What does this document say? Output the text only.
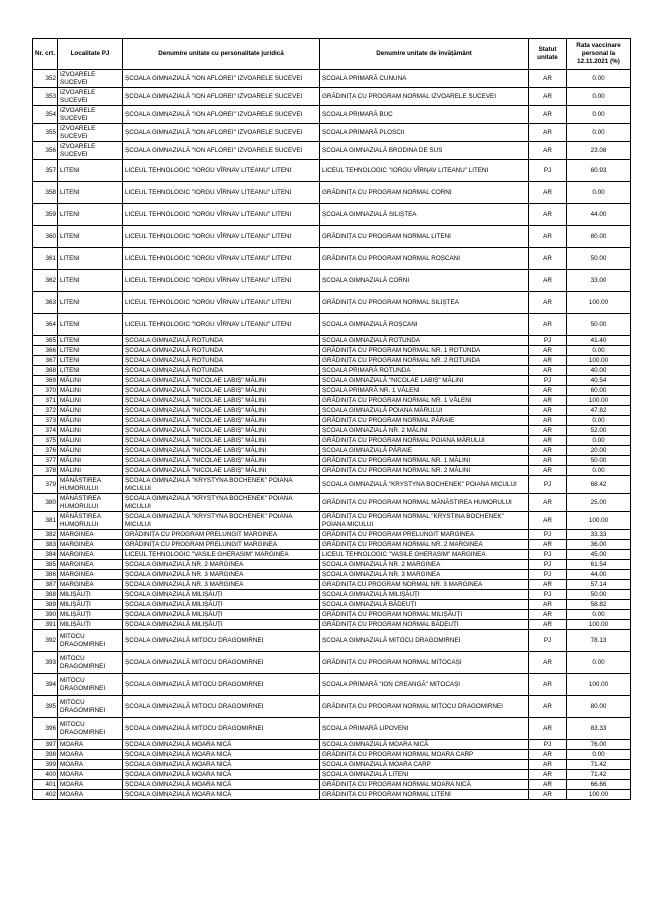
Nr. crt.	Localitate PJ	Denumire unitate cu personalitate juridică	Denumire unitate de învățământ	Statut unitate	Rata vaccinare personal la 12.11.2021 (%)
352	IZVOARELE SUCEVEI	ȘCOALA GIMNAZIALĂ "ION AFLOREI" IZVOARELE SUCEVEI	ȘCOALA PRIMARĂ CUNUNA	AR	0.00
353	IZVOARELE SUCEVEI	ȘCOALA GIMNAZIALĂ "ION AFLOREI" IZVOARELE SUCEVEI	GRĂDINIȚA CU PROGRAM NORMAL IZVOARELE SUCEVEI	AR	0.00
354	IZVOARELE SUCEVEI	ȘCOALA GIMNAZIALĂ "ION AFLOREI" IZVOARELE SUCEVEI	ȘCOALA PRIMARĂ BUC	AR	0.00
355	IZVOARELE SUCEVEI	ȘCOALA GIMNAZIALĂ "ION AFLOREI" IZVOARELE SUCEVEI	ȘCOALA PRIMARĂ PLOSCII	AR	0.00
356	IZVOARELE SUCEVEI	ȘCOALA GIMNAZIALĂ "ION AFLOREI" IZVOARELE SUCEVEI	ȘCOALA GIMNAZIALĂ BRODINA DE SUS	AR	23.08
357	LITENI	LICEUL TEHNOLOGIC "IORGU VÎRNAV LITEANU" LITENI	LICEUL TEHNOLOGIC "IORGU VÎRNAV LITEANU" LITENI	PJ	60.93
358	LITENI	LICEUL TEHNOLOGIC "IORGU VÎRNAV LITEANU" LITENI	GRĂDINIȚA CU PROGRAM NORMAL CORNI	AR	0.00
359	LITENI	LICEUL TEHNOLOGIC "IORGU VÎRNAV LITEANU" LITENI	ȘCOALA GIMNAZIALĂ SILIȘTEA	AR	44.00
360	LITENI	LICEUL TEHNOLOGIC "IORGU VÎRNAV LITEANU" LITENI	GRĂDINIȚA CU PROGRAM NORMAL LITENI	AR	80.00
361	LITENI	LICEUL TEHNOLOGIC "IORGU VÎRNAV LITEANU" LITENI	GRĂDINIȚA CU PROGRAM NORMAL ROȘCANI	AR	50.00
362	LITENI	LICEUL TEHNOLOGIC "IORGU VÎRNAV LITEANU" LITENI	ȘCOALA GIMNAZIALĂ CORNI	AR	33.00
363	LITENI	LICEUL TEHNOLOGIC "IORGU VÎRNAV LITEANU" LITENI	GRĂDINIȚA CU PROGRAM NORMAL SILIȘTEA	AR	100.00
364	LITENI	LICEUL TEHNOLOGIC "IORGU VÎRNAV LITEANU" LITENI	ȘCOALA GIMNAZIALĂ ROȘCANI	AR	50.00
365	LITENI	ȘCOALA GIMNAZIALĂ ROTUNDA	ȘCOALA GIMNAZIALĂ ROTUNDA	PJ	41.40
366	LITENI	ȘCOALA GIMNAZIALĂ ROTUNDA	GRĂDINIȚA CU PROGRAM NORMAL NR. 1 ROTUNDA	AR	0.00
367	LITENI	ȘCOALA GIMNAZIALĂ ROTUNDA	GRĂDINIȚA CU PROGRAM NORMAL NR. 2 ROTUNDA	AR	100.00
368	LITENI	ȘCOALA GIMNAZIALĂ ROTUNDA	ȘCOALA PRIMARĂ ROTUNDA	AR	40.00
369	MĂLINI	ȘCOALA GIMNAZIALĂ "NICOLAE LABIȘ" MĂLINI	ȘCOALA GIMNAZIALĂ "NICOLAE LABIȘ" MĂLINI	PJ	40.54
370	MĂLINI	ȘCOALA GIMNAZIALĂ "NICOLAE LABIȘ" MĂLINI	ȘCOALA PRIMARĂ NR. 1 VĂLENI	AR	60.00
371	MĂLINI	ȘCOALA GIMNAZIALĂ "NICOLAE LABIȘ" MĂLINI	GRĂDINIȚA CU PROGRAM NORMAL NR. 1 VĂLENI	AR	100.00
372	MĂLINI	ȘCOALA GIMNAZIALĂ "NICOLAE LABIȘ" MĂLINI	ȘCOALA GIMNAZIALĂ POIANA MĂRULUI	AR	47.82
373	MĂLINI	ȘCOALA GIMNAZIALĂ "NICOLAE LABIȘ" MĂLINI	GRĂDINIȚA CU PROGRAM NORMAL PĂRAIE	AR	0.00
374	MĂLINI	ȘCOALA GIMNAZIALĂ "NICOLAE LABIȘ" MĂLINI	ȘCOALA GIMNAZIALĂ NR. 2 MĂLINI	AR	52.00
375	MĂLINI	ȘCOALA GIMNAZIALĂ "NICOLAE LABIȘ" MĂLINI	GRĂDINIȚA CU PROGRAM NORMAL POIANA MĂRULUI	AR	0.00
376	MĂLINI	ȘCOALA GIMNAZIALĂ "NICOLAE LABIȘ" MĂLINI	ȘCOALA GIMNAZIALĂ PĂRAIE	AR	20.00
377	MĂLINI	ȘCOALA GIMNAZIALĂ "NICOLAE LABIȘ" MĂLINI	GRĂDINIȚA CU PROGRAM NORMAL NR. 1 MĂLINI	AR	50.00
378	MĂLINI	ȘCOALA GIMNAZIALĂ "NICOLAE LABIȘ" MĂLINI	GRĂDINIȚA CU PROGRAM NORMAL NR. 2 MĂLINI	AR	0.00
379	MĂNĂSTIREA HUMORULUI	ȘCOALA GIMNAZIALĂ "KRYSTYNA BOCHENEK" POIANA MICULUI	ȘCOALA GIMNAZIALĂ "KRYSTYNA BOCHENEK" POIANA MICULUI	PJ	68.42
380	MĂNĂSTIREA HUMORULUI	ȘCOALA GIMNAZIALĂ "KRYSTYNA BOCHENEK" POIANA MICULUI	GRĂDINIȚA CU PROGRAM NORMAL MĂNĂSTIREA HUMORULUI	AR	25.00
381	MĂNĂSTIREA HUMORULUI	ȘCOALA GIMNAZIALĂ "KRYSTYNA BOCHENEK" POIANA MICULUI	GRĂDINIȚA CU PROGRAM NORMAL "KRYSTINA BOCHENEK" POIANA MICULUI	AR	100.00
382	MARGINEA	GRĂDINIȚA CU PROGRAM PRELUNGIT MARGINEA	GRĂDINIȚA CU PROGRAM PRELUNGIT MARGINEA	PJ	33.33
383	MARGINEA	GRĂDINIȚA CU PROGRAM PRELUNGIT MARGINEA	GRĂDINIȚA CU PROGRAM NORMAL NR. 2 MARGINEA	AR	36.00
384	MARGINEA	LICEUL TEHNOLOGIC "VASILE GHERASIM" MARGINEA	LICEUL TEHNOLOGIC "VASILE GHERASIM" MARGINEA	PJ	45.00
385	MARGINEA	ȘCOALA GIMNAZIALĂ NR. 2 MARGINEA	ȘCOALA GIMNAZIALĂ NR. 2 MARGINEA	PJ	61.54
386	MARGINEA	ȘCOALA GIMNAZIALĂ NR. 3 MARGINEA	ȘCOALA GIMNAZIALĂ NR. 3 MARGINEA	PJ	44.00
387	MARGINEA	ȘCOALA GIMNAZIALĂ NR. 3 MARGINEA	GRADINITA CU PROGRAM NORMAL NR. 3 MARGINEA	AR	57.14
388	MILIȘĂUȚI	ȘCOALA GIMNAZIALĂ MILIȘĂUȚI	ȘCOALA GIMNAZIALĂ MILIȘĂUȚI	PJ	50.00
389	MILIȘĂUȚI	ȘCOALA GIMNAZIALĂ MILIȘĂUȚI	ȘCOALA GIMNAZIALĂ BĂDEUȚI	AR	58.82
390	MILIȘĂUȚI	ȘCOALA GIMNAZIALĂ MILIȘĂUȚI	GRĂDINIȚA CU PROGRAM NORMAL MILIȘĂUȚI	AR	0.00
391	MILIȘĂUȚI	ȘCOALA GIMNAZIALĂ MILIȘĂUȚI	GRĂDINIȚA CU PROGRAM NORMAL BĂDEUȚI	AR	100.00
392	MITOCU DRAGOMIRNEI	ȘCOALA GIMNAZIALĂ MITOCU DRAGOMIRNEI	ȘCOALA GIMNAZIALĂ MITOCU DRAGOMIRNEI	PJ	78.13
393	MITOCU DRAGOMIRNEI	ȘCOALA GIMNAZIALĂ MITOCU DRAGOMIRNEI	GRĂDINIȚA CU PROGRAM NORMAL MITOCAȘI	AR	0.00
394	MITOCU DRAGOMIRNEI	ȘCOALA GIMNAZIALĂ MITOCU DRAGOMIRNEI	ȘCOALA PRIMARĂ "ION CREANGĂ" MITOCAȘI	AR	100.00
395	MITOCU DRAGOMIRNEI	ȘCOALA GIMNAZIALĂ MITOCU DRAGOMIRNEI	GRĂDINIȚA CU PROGRAM NORMAL MITOCU DRAGOMIRNEI	AR	80.00
396	MITOCU DRAGOMIRNEI	ȘCOALA GIMNAZIALĂ MITOCU DRAGOMIRNEI	ȘCOALA PRIMARĂ LIPOVENI	AR	83.33
397	MOARA	ȘCOALA GIMNAZIALĂ MOARA NICĂ	ȘCOALA GIMNAZIALĂ MOARA NICĂ	PJ	76.00
398	MOARA	ȘCOALA GIMNAZIALĂ MOARA NICĂ	GRĂDINIȚA CU PROGRAM NORMAL MOARA CARP	AR	0.00
399	MOARA	ȘCOALA GIMNAZIALĂ MOARA NICĂ	ȘCOALA GIMNAZIALĂ MOARA CARP	AR	71.42
400	MOARA	ȘCOALA GIMNAZIALĂ MOARA NICĂ	ȘCOALA GIMNAZIALĂ LITENI	AR	71.42
401	MOARA	ȘCOALA GIMNAZIALĂ MOARA NICĂ	GRĂDINIȚA CU PROGRAM NORMAL MOARA NICĂ	AR	66.66
402	MOARA	ȘCOALA GIMNAZIALĂ MOARA NICĂ	GRĂDINIȚA CU PROGRAM NORMAL LITENI	AR	100.00
